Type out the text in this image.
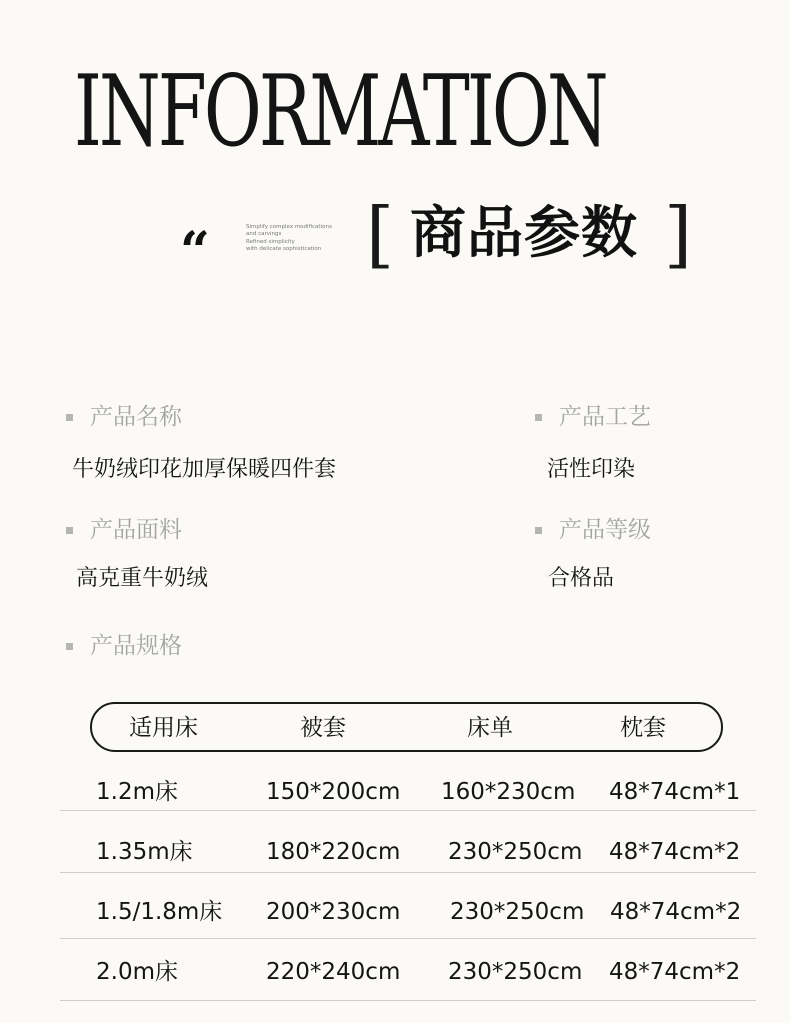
INFORMATION
“	Simplify complex modifications
and carvings
Refined simplicity
with delicate sophistication [ 商品参数 ]
产品名称
牛奶绒印花加厚保暖四件套
产品工艺
活性印染
产品面料
高克重牛奶绒
产品等级
合格品
产品规格
适用床	被套	床单	枕套
1.2m床	150*200cm 160*230cm 48*74cm*1
1.35m床	180*220cm 230*250cm 48*74cm*2
1.5/1.8m床 200*230cm 230*250cm 48*74cm*2
2.0m床	220*240cm 230*250cm 48*74cm*2
